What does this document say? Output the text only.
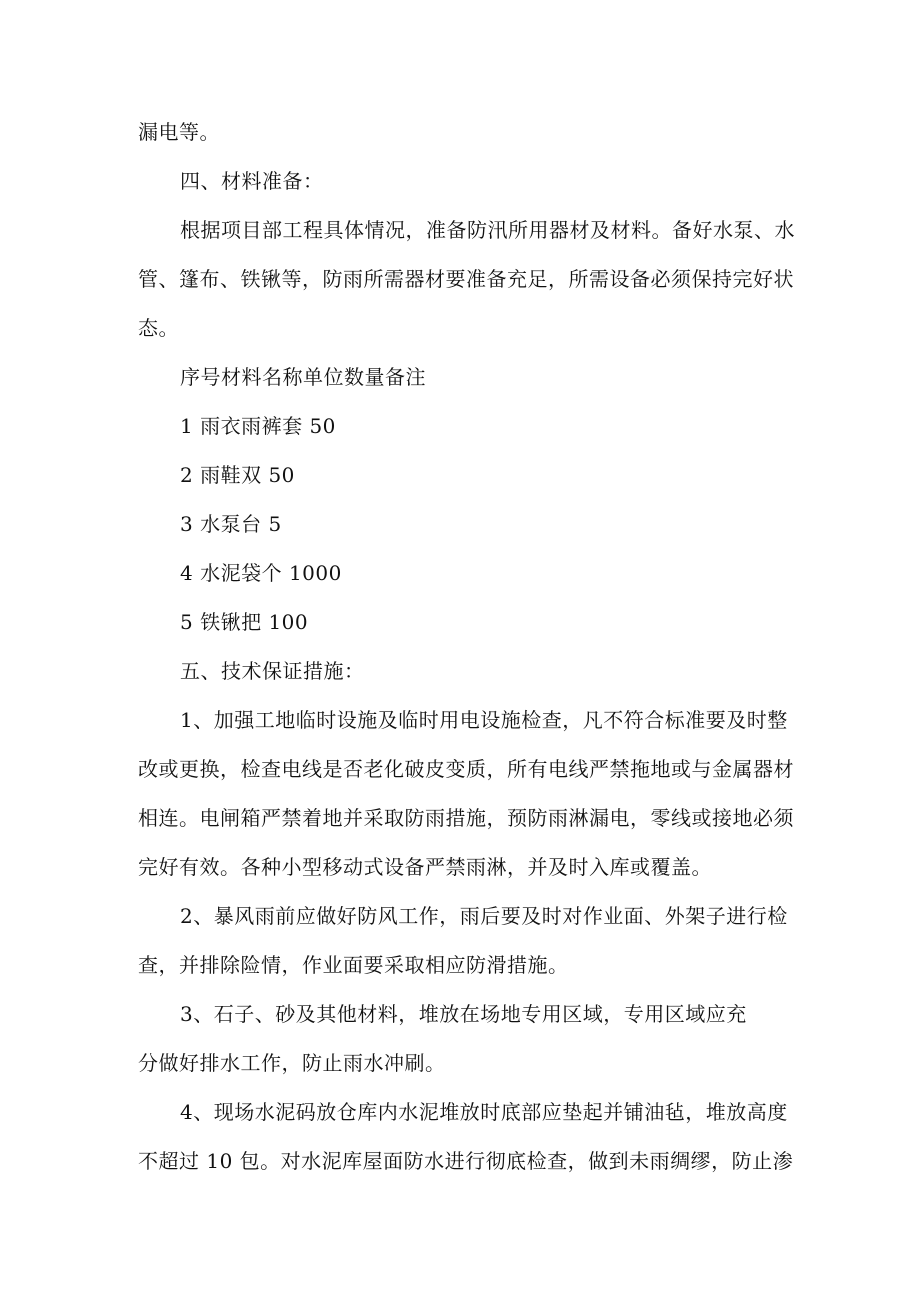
漏电等。
四、材料准备：
根据项目部工程具体情况，准备防汛所用器材及材料。备好水泵、水
管、篷布、铁锹等，防雨所需器材要准备充足，所需设备必须保持完好状
态。
序号材料名称单位数量备注
1 雨衣雨裤套 50
2 雨鞋双 50
3 水泵台 5
4 水泥袋个 1000
5 铁锹把 100
五、技术保证措施：
1、加强工地临时设施及临时用电设施检查，凡不符合标准要及时整
改或更换，检查电线是否老化破皮变质，所有电线严禁拖地或与金属器材
相连。电闸箱严禁着地并采取防雨措施，预防雨淋漏电，零线或接地必须
完好有效。各种小型移动式设备严禁雨淋，并及时入库或覆盖。
2、暴风雨前应做好防风工作，雨后要及时对作业面、外架子进行检
查，并排除险情，作业面要采取相应防滑措施。
3、石子、砂及其他材料，堆放在场地专用区域，专用区域应充
分做好排水工作，防止雨水冲刷。
4、现场水泥码放仓库内水泥堆放时底部应垫起并铺油毡，堆放高度
不超过 10 包。对水泥库屋面防水进行彻底检查，做到未雨绸缪，防止渗
